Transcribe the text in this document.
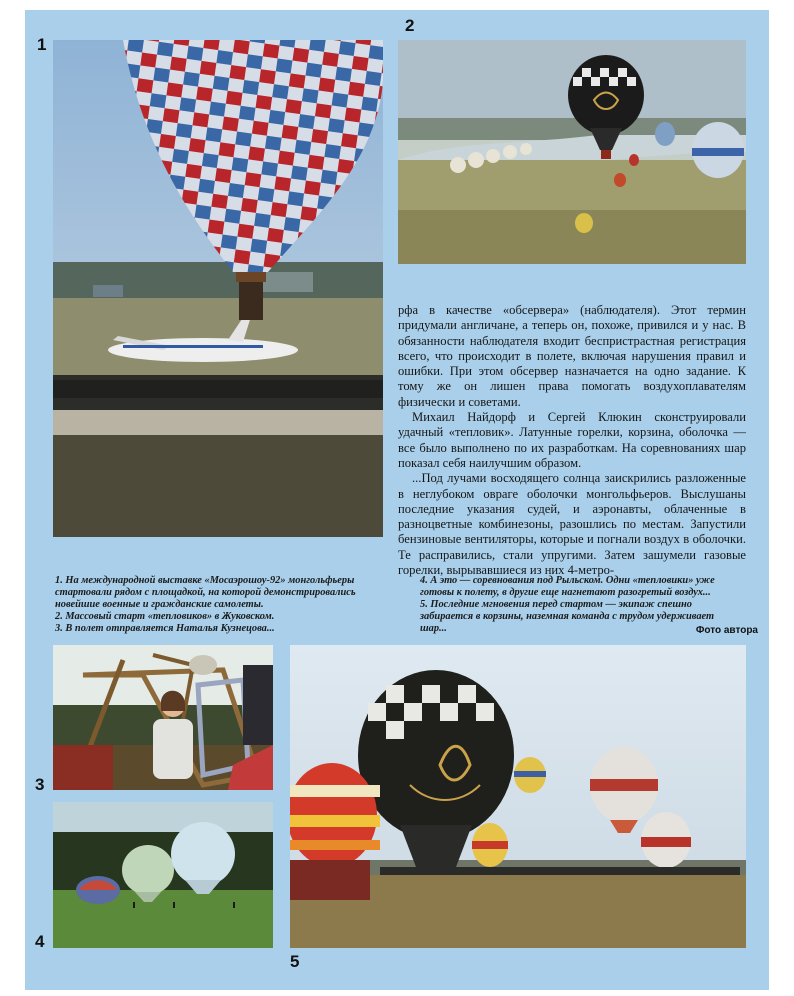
1
2
3
4
5

рфа в качестве «обсервера» (наблюдателя). Этот термин придумали англичане, а теперь он, похоже, привился и у нас. В обязанности наблюдателя входит беспристрастная регистрация всего, что происходит в полете, включая нарушения правил и ошибки. При этом обсервер назначается на одно задание. К тому же он лишен права помогать воздухоплавателям физически и советами.

Михаил Найдорф и Сергей Клюкин сконструировали удачный «тепловик». Латунные горелки, корзина, оболочка — все было выполнено по их разработкам. На соревнованиях шар показал себя наилучшим образом.

...Под лучами восходящего солнца заискрились разложенные в неглубоком овраге оболочки монгольфьеров. Выслушаны последние указания судей, и аэронавты, облаченные в разноцветные комбинезоны, разошлись по местам. Запустили бензиновые вентиляторы, которые и погнали воздух в оболочки. Те расправились, стали упругими. Затем зашумели газовые горелки, вырывавшиеся из них 4-метро-

1. На международной выставке «Мосаэрошоу-92» монгольфьеры стартовали рядом с площадкой, на которой демонстрировались новейшие военные и гражданские самолеты.

2. Массовый старт «тепловиков» в Жуковском.

3. В полет отправляется Наталья Кузнецова...

4. А это — соревнования под Рыльском. Одни «тепловики» уже готовы к полету, в другие еще нагнетают разогретый воздух...

5. Последние мгновения перед стартом — экипаж спешно забирается в корзины, наземная команда с трудом удерживает шар...	Фото автора
